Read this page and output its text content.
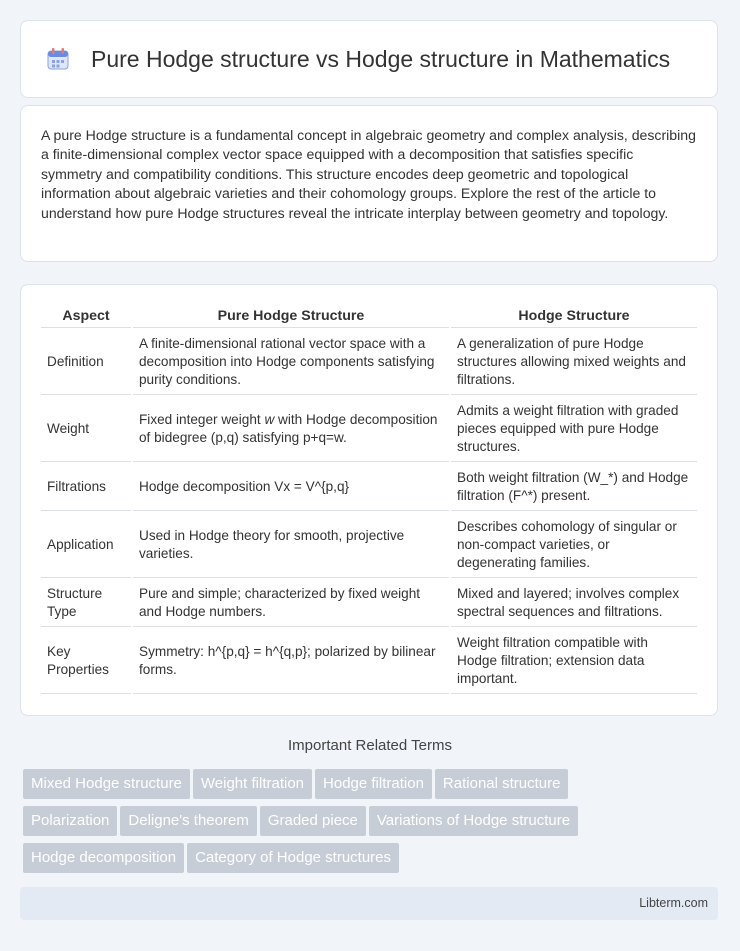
Pure Hodge structure vs Hodge structure in Mathematics

A pure Hodge structure is a fundamental concept in algebraic geometry and complex analysis, describing a finite-dimensional complex vector space equipped with a decomposition that satisfies specific symmetry and compatibility conditions. This structure encodes deep geometric and topological information about algebraic varieties and their cohomology groups. Explore the rest of the article to understand how pure Hodge structures reveal the intricate interplay between geometry and topology.

Aspect	Pure Hodge Structure	Hodge Structure
Definition	A finite-dimensional rational vector space with a decomposition into Hodge components satisfying purity conditions.	A generalization of pure Hodge structures allowing mixed weights and filtrations.
Weight	Fixed integer weight w with Hodge decomposition of bidegree (p,q) satisfying p+q=w.	Admits a weight filtration with graded pieces equipped with pure Hodge structures.
Filtrations	Hodge decomposition Vx = V^{p,q}	Both weight filtration (W_*) and Hodge filtration (F^*) present.
Application	Used in Hodge theory for smooth, projective varieties.	Describes cohomology of singular or non-compact varieties, or degenerating families.
Structure Type	Pure and simple; characterized by fixed weight and Hodge numbers.	Mixed and layered; involves complex spectral sequences and filtrations.
Key Properties	Symmetry: h^{p,q} = h^{q,p}; polarized by bilinear forms.	Weight filtration compatible with Hodge filtration; extension data important.
Important Related Terms
Mixed Hodge structure Weight filtration Hodge filtration Rational structure
Polarization Deligne's theorem Graded piece Variations of Hodge structure
Hodge decomposition Category of Hodge structures
Libterm.com
